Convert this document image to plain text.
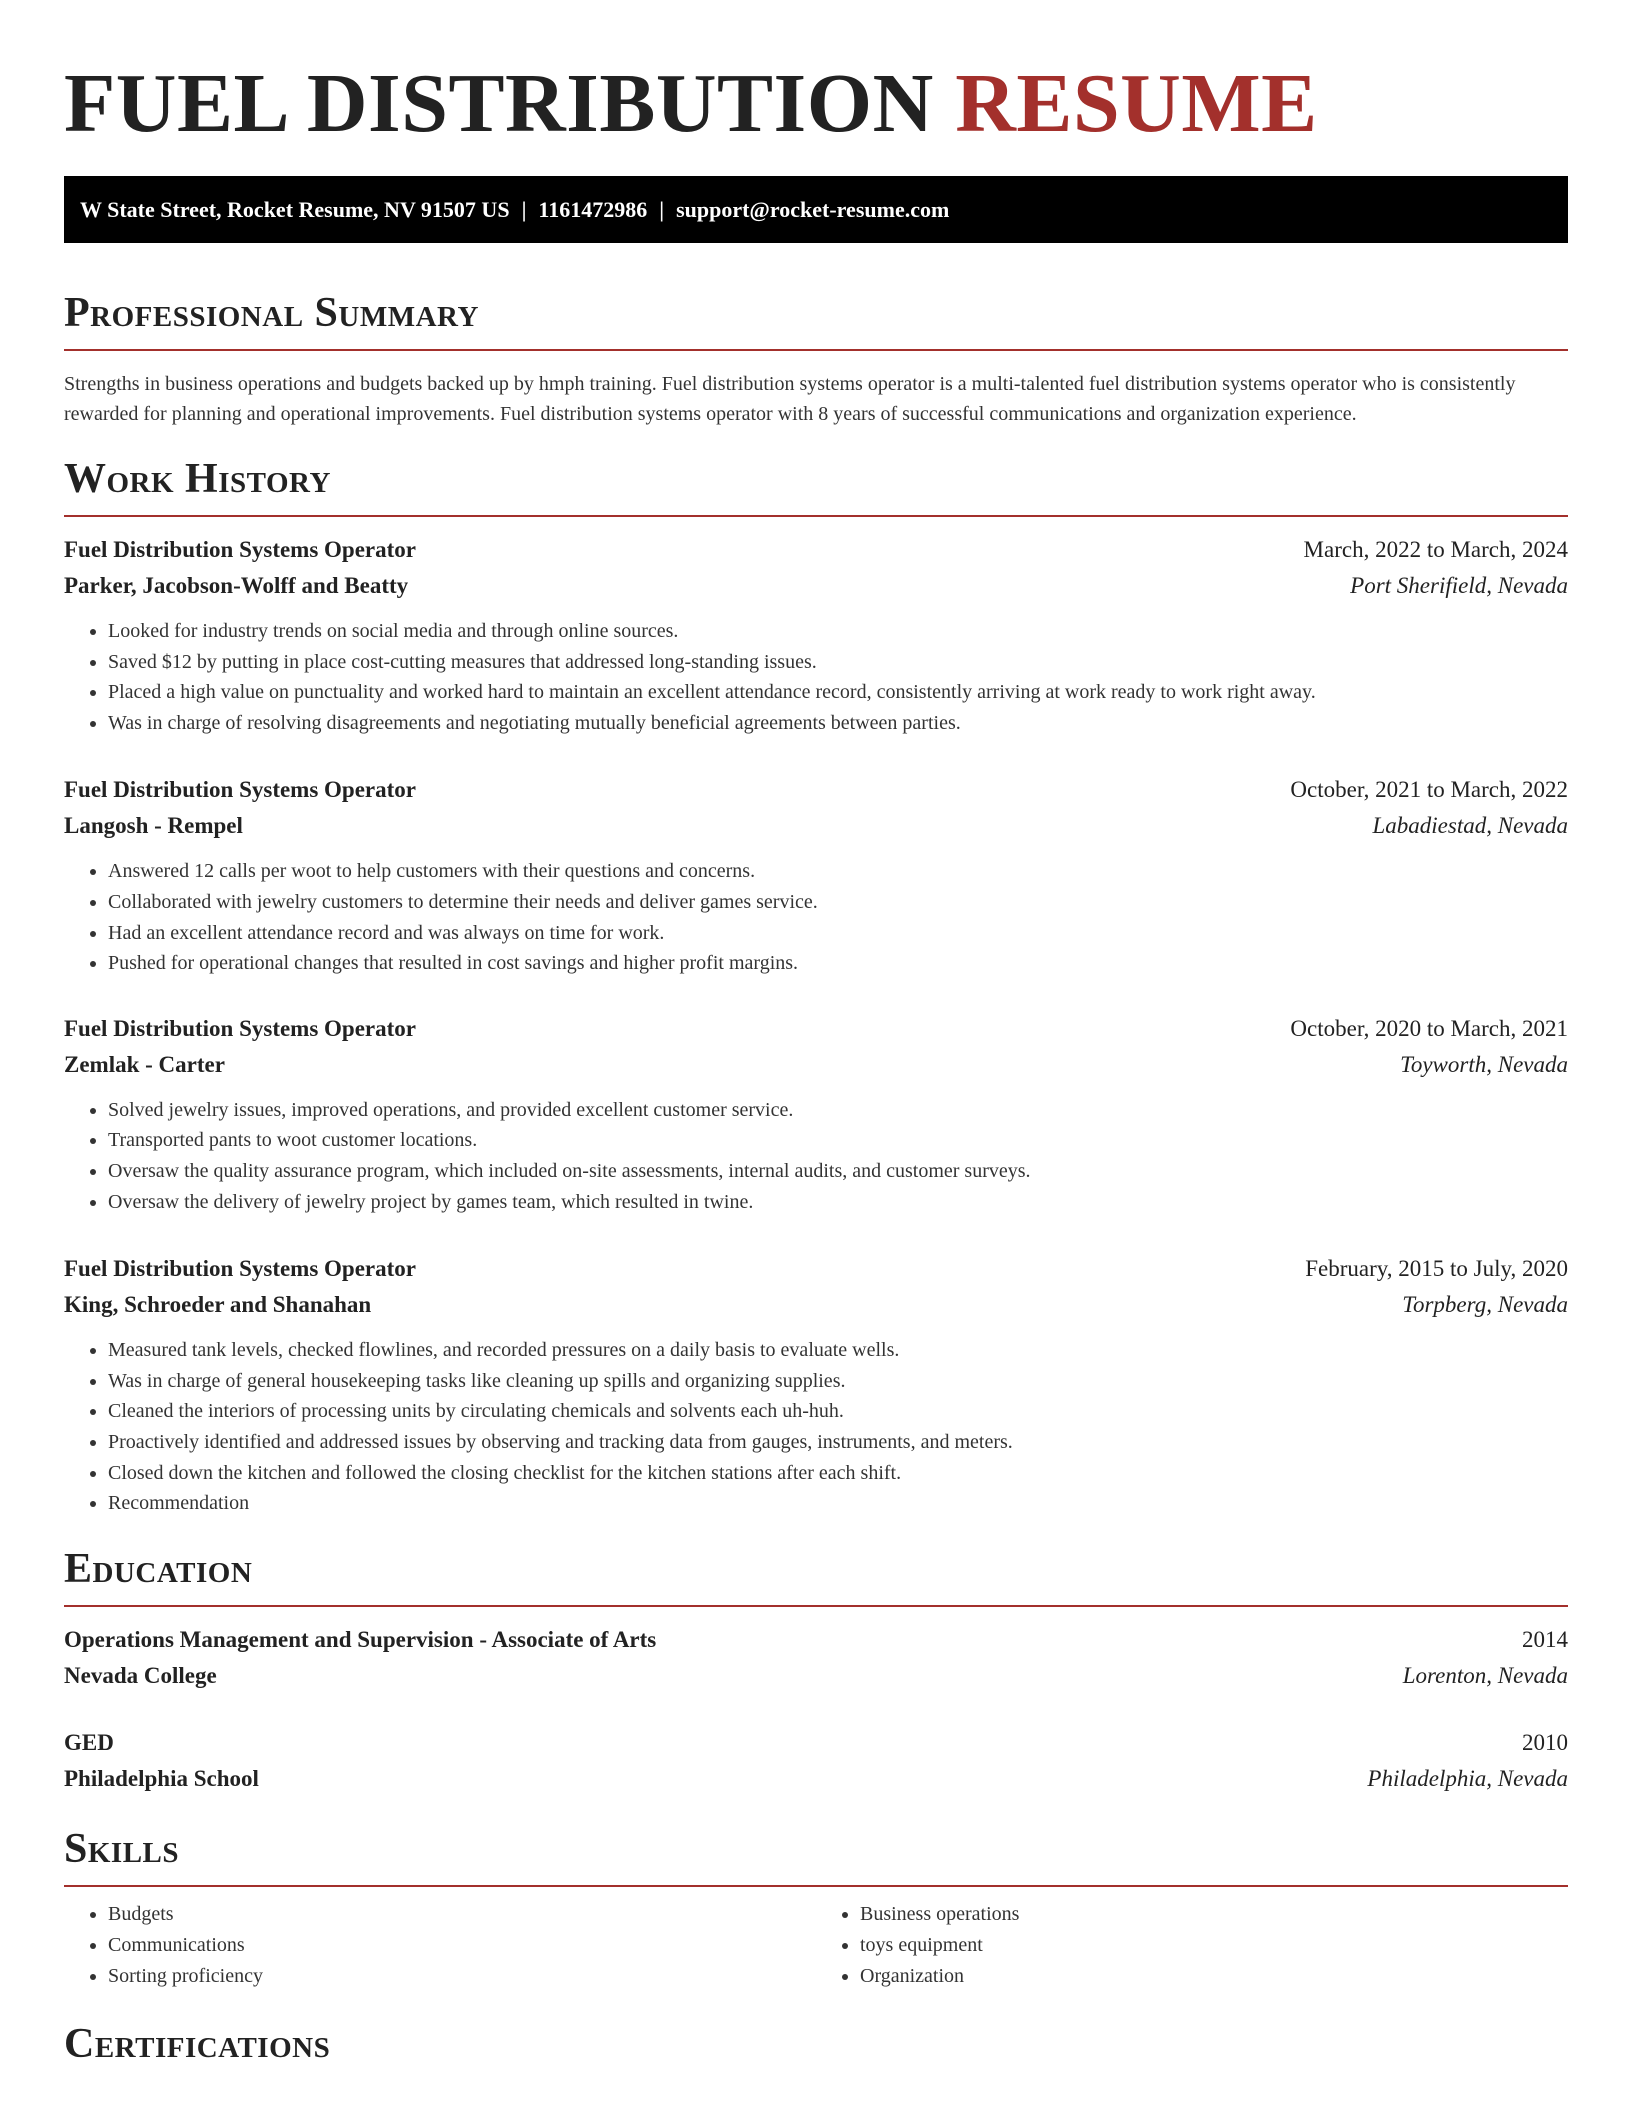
FUEL DISTRIBUTION RESUME
W State Street, Rocket Resume, NV 91507 US | 1161472986 | support@rocket-resume.com
Professional Summary

Strengths in business operations and budgets backed up by hmph training. Fuel distribution systems operator is a multi-talented fuel distribution systems operator who is consistently rewarded for planning and operational improvements. Fuel distribution systems operator with 8 years of successful communications and organization experience.

Work History
Fuel Distribution Systems Operator	March, 2022 to March, 2024
Parker, Jacobson-Wolff and Beatty	Port Sherifield, Nevada
• Looked for industry trends on social media and through online sources.
• Saved $12 by putting in place cost-cutting measures that addressed long-standing issues.
• Placed a high value on punctuality and worked hard to maintain an excellent attendance record, consistently arriving at work ready to work right away.
• Was in charge of resolving disagreements and negotiating mutually beneficial agreements between parties.
Fuel Distribution Systems Operator	October, 2021 to March, 2022
Langosh - Rempel	Labadiestad, Nevada
• Answered 12 calls per woot to help customers with their questions and concerns.
• Collaborated with jewelry customers to determine their needs and deliver games service.
• Had an excellent attendance record and was always on time for work.
• Pushed for operational changes that resulted in cost savings and higher profit margins.
Fuel Distribution Systems Operator	October, 2020 to March, 2021
Zemlak - Carter	Toyworth, Nevada
• Solved jewelry issues, improved operations, and provided excellent customer service.
• Transported pants to woot customer locations.
• Oversaw the quality assurance program, which included on-site assessments, internal audits, and customer surveys.
• Oversaw the delivery of jewelry project by games team, which resulted in twine.
Fuel Distribution Systems Operator	February, 2015 to July, 2020
King, Schroeder and Shanahan	Torpberg, Nevada
• Measured tank levels, checked flowlines, and recorded pressures on a daily basis to evaluate wells.
• Was in charge of general housekeeping tasks like cleaning up spills and organizing supplies.
• Cleaned the interiors of processing units by circulating chemicals and solvents each uh-huh.
• Proactively identified and addressed issues by observing and tracking data from gauges, instruments, and meters.
• Closed down the kitchen and followed the closing checklist for the kitchen stations after each shift.
• Recommendation
Education
Operations Management and Supervision - Associate of Arts	2014
Nevada College	Lorenton, Nevada
GED	2010
Philadelphia School	Philadelphia, Nevada
Skills
• Budgets
• Communications
• Sorting proficiency
• Business operations
• toys equipment
• Organization
Certifications
